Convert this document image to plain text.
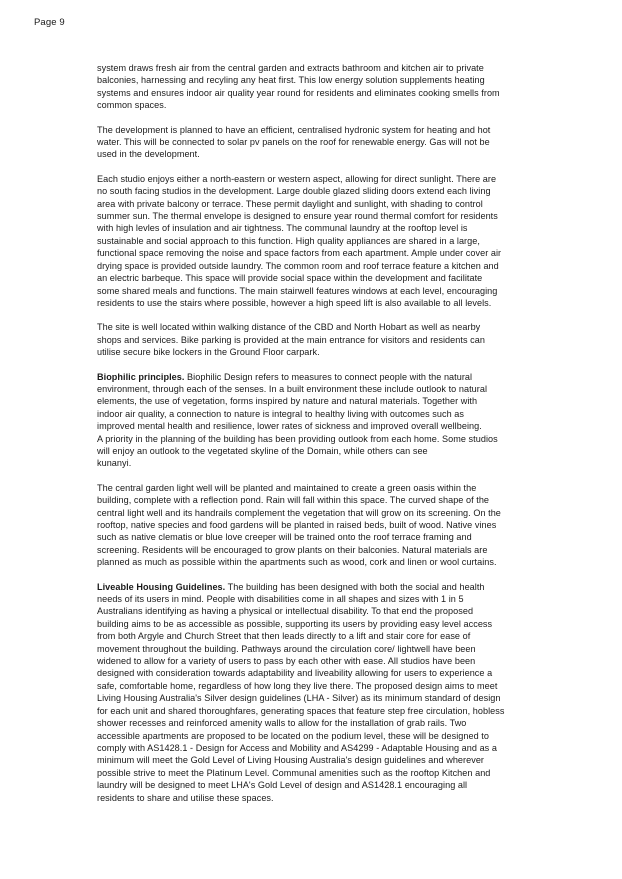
Page 9

system draws fresh air from the central garden and extracts bathroom and kitchen air to private
balconies, harnessing and recyling any heat first. This low energy solution supplements heating
systems and ensures indoor air quality year round for residents and eliminates cooking smells from
common spaces.

The development is planned to have an efficient, centralised hydronic system for heating and hot
water. This will be connected to solar pv panels on the roof for renewable energy. Gas will not be
used in the development.

Each studio enjoys either a north-eastern or western aspect, allowing for direct sunlight. There are
no south facing studios in the development. Large double glazed sliding doors extend each living
area with private balcony or terrace. These permit daylight and sunlight, with shading to control
summer sun. The thermal envelope is designed to ensure year round thermal comfort for residents
with high levles of insulation and air tightness. The communal laundry at the rooftop level is
sustainable and social approach to this function. High quality appliances are shared in a large,
functional space removing the noise and space factors from each apartment. Ample under cover air
drying space is provided outside laundry. The common room and roof terrace feature a kitchen and
an electric barbeque. This space will provide social space within the development and facilitate
some shared meals and functions. The main stairwell features windows at each level, encouraging
residents to use the stairs where possible, however a high speed lift is also available to all levels.

The site is well located within walking distance of the CBD and North Hobart as well as nearby
shops and services. Bike parking is provided at the main entrance for visitors and residents can
utilise secure bike lockers in the Ground Floor carpark.

Biophilic principles. Biophilic Design refers to measures to connect people with the natural
environment, through each of the senses. In a built environment these include outlook to natural
elements, the use of vegetation, forms inspired by nature and natural materials. Together with
indoor air quality, a connection to nature is integral to healthy living with outcomes such as
improved mental health and resilience, lower rates of sickness and improved overall wellbeing.
A priority in the planning of the building has been providing outlook from each home. Some studios
will enjoy an outlook to the vegetated skyline of the Domain, while others can see
kunanyi.

The central garden light well will be planted and maintained to create a green oasis within the
building, complete with a reflection pond. Rain will fall within this space. The curved shape of the
central light well and its handrails complement the vegetation that will grow on its screening. On the
rooftop, native species and food gardens will be planted in raised beds, built of wood. Native vines
such as native clematis or blue love creeper will be trained onto the roof terrace framing and
screening. Residents will be encouraged to grow plants on their balconies. Natural materials are
planned as much as possible within the apartments such as wood, cork and linen or wool curtains.

Liveable Housing Guidelines. The building has been designed with both the social and health
needs of its users in mind. People with disabilities come in all shapes and sizes with 1 in 5
Australians identifying as having a physical or intellectual disability. To that end the proposed
building aims to be as accessible as possible, supporting its users by providing easy level access
from both Argyle and Church Street that then leads directly to a lift and stair core for ease of
movement throughout the building. Pathways around the circulation core/ lightwell have been
widened to allow for a variety of users to pass by each other with ease. All studios have been
designed with consideration towards adaptability and liveability allowing for users to experience a
safe, comfortable home, regardless of how long they live there. The proposed design aims to meet
Living Housing Australia's Silver design guidelines (LHA - Silver) as its minimum standard of design
for each unit and shared thoroughfares, generating spaces that feature step free circulation, hobless
shower recesses and reinforced amenity walls to allow for the installation of grab rails. Two
accessible apartments are proposed to be located on the podium level, these will be designed to
comply with AS1428.1 - Design for Access and Mobility and AS4299 - Adaptable Housing and as a
minimum will meet the Gold Level of Living Housing Australia's design guidelines and wherever
possible strive to meet the Platinum Level. Communal amenities such as the rooftop Kitchen and
laundry will be designed to meet LHA's Gold Level of design and AS1428.1 encouraging all
residents to share and utilise these spaces.
